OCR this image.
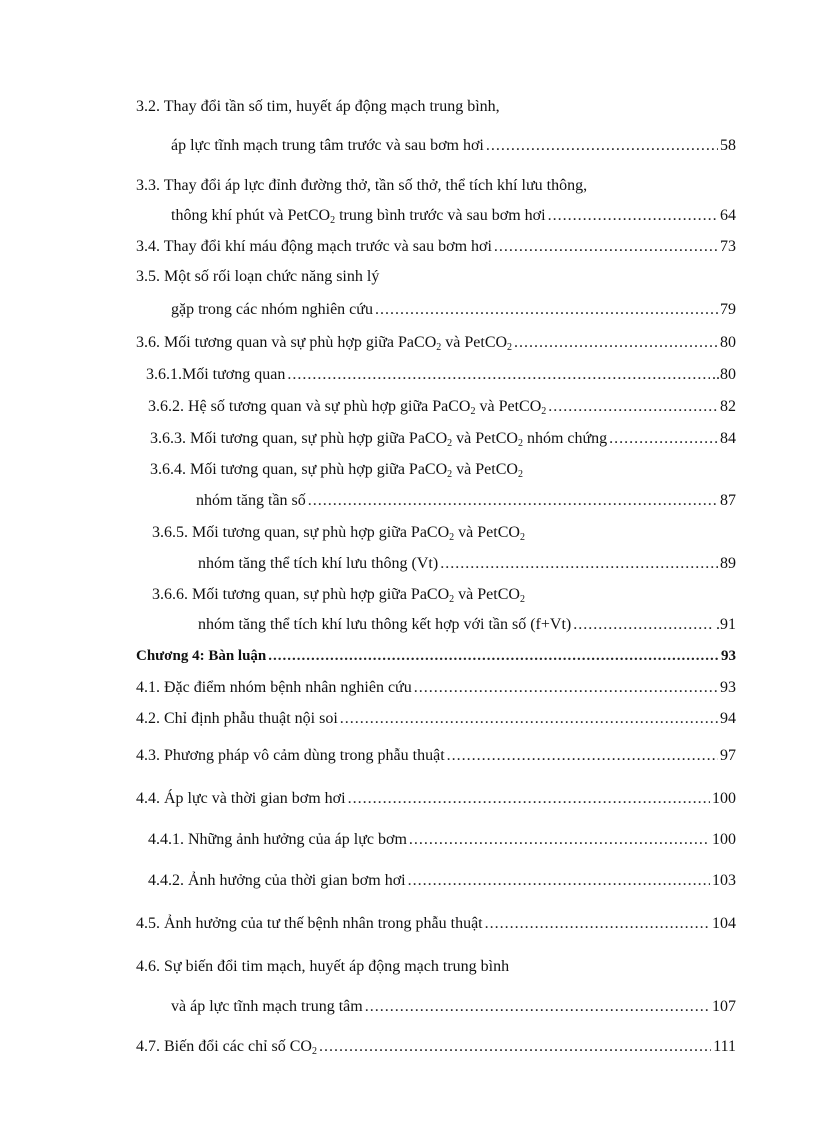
3.2. Thay đổi tần số tim, huyết áp động mạch trung bình,
áp lực tĩnh mạch trung tâm trước và sau bơm hơi .....	58
3.3. Thay đổi áp lực đỉnh đường thở, tần số thở, thể tích khí lưu thông,
thông khí phút và PetCO$_2$ trung bình trước và sau bơm hơi .....	64
3.4. Thay đổi khí máu động mạch trước và sau bơm hơi .....	73
3.5. Một số rối loạn chức năng sinh lý
gặp trong các nhóm nghiên cứu .....	79
3.6. Mối tương quan và sự phù hợp giữa PaCO$_2$ và PetCO$_2$ .....	80
3.6.1.Mối tương quan .....	..80
3.6.2. Hệ số tương quan và sự phù hợp giữa PaCO$_2$ và PetCO$_2$ .....	82
3.6.3. Mối tương quan, sự phù hợp giữa PaCO$_2$ và PetCO$_2$ nhóm chứng .....	84
3.6.4. Mối tương quan, sự phù hợp giữa PaCO$_2$ và PetCO$_2$
nhóm tăng tần số .....	87
3.6.5. Mối tương quan, sự phù hợp giữa PaCO$_2$ và PetCO$_2$
nhóm tăng thể tích khí lưu thông (Vt) .....	89
3.6.6. Mối tương quan, sự phù hợp giữa PaCO$_2$ và PetCO$_2$
nhóm tăng thể tích khí lưu thông kết hợp với tần số (f+Vt) .....	.91
Chương 4: Bàn luận .....	93
4.1. Đặc điểm nhóm bệnh nhân nghiên cứu .....	93
4.2. Chỉ định phẫu thuật nội soi .....	94
4.3. Phương pháp vô cảm dùng trong phẫu thuật .....	97
4.4. Áp lực và thời gian bơm hơi .....	100
4.4.1. Những ảnh hưởng của áp lực bơm .....	100
4.4.2. Ảnh hưởng của thời gian bơm hơi .....	103
4.5. Ảnh hưởng của tư thế bệnh nhân trong phẫu thuật .....	104
4.6. Sự biến đổi tim mạch, huyết áp động mạch trung bình
và áp lực tĩnh mạch trung tâm .....	107
4.7. Biến đổi các chỉ số $CO_2$ .....	111
